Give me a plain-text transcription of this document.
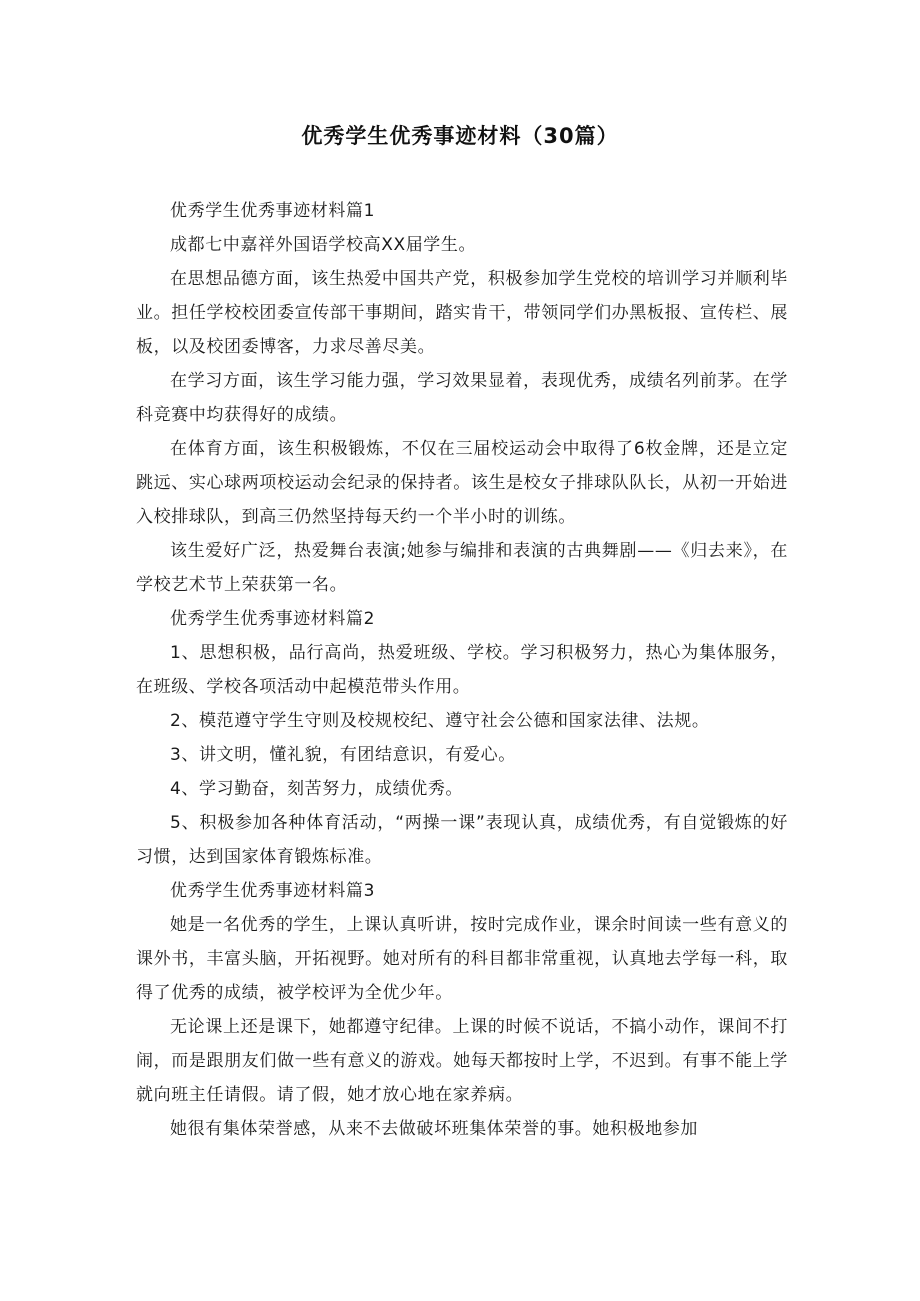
优秀学生优秀事迹材料（30篇）

优秀学生优秀事迹材料篇1

成都七中嘉祥外国语学校高XX届学生。

在思想品德方面，该生热爱中国共产党，积极参加学生党校的培训学习并顺利毕业。担任学校校团委宣传部干事期间，踏实肯干，带领同学们办黑板报、宣传栏、展板，以及校团委博客，力求尽善尽美。

在学习方面，该生学习能力强，学习效果显着，表现优秀，成绩名列前茅。在学科竞赛中均获得好的成绩。

在体育方面，该生积极锻炼，不仅在三届校运动会中取得了6枚金牌，还是立定跳远、实心球两项校运动会纪录的保持者。该生是校女子排球队队长，从初一开始进入校排球队，到高三仍然坚持每天约一个半小时的训练。

该生爱好广泛，热爱舞台表演;她参与编排和表演的古典舞剧——《归去来》，在学校艺术节上荣获第一名。

优秀学生优秀事迹材料篇2

1、思想积极，品行高尚，热爱班级、学校。学习积极努力，热心为集体服务，在班级、学校各项活动中起模范带头作用。

2、模范遵守学生守则及校规校纪、遵守社会公德和国家法律、法规。

3、讲文明，懂礼貌，有团结意识，有爱心。

4、学习勤奋，刻苦努力，成绩优秀。

5、积极参加各种体育活动，“两操一课”表现认真，成绩优秀，有自觉锻炼的好习惯，达到国家体育锻炼标准。

优秀学生优秀事迹材料篇3

她是一名优秀的学生，上课认真听讲，按时完成作业，课余时间读一些有意义的课外书，丰富头脑，开拓视野。她对所有的科目都非常重视，认真地去学每一科，取得了优秀的成绩，被学校评为全优少年。

无论课上还是课下，她都遵守纪律。上课的时候不说话，不搞小动作，课间不打闹，而是跟朋友们做一些有意义的游戏。她每天都按时上学，不迟到。有事不能上学就向班主任请假。请了假，她才放心地在家养病。

她很有集体荣誉感，从来不去做破坏班集体荣誉的事。她积极地参加
